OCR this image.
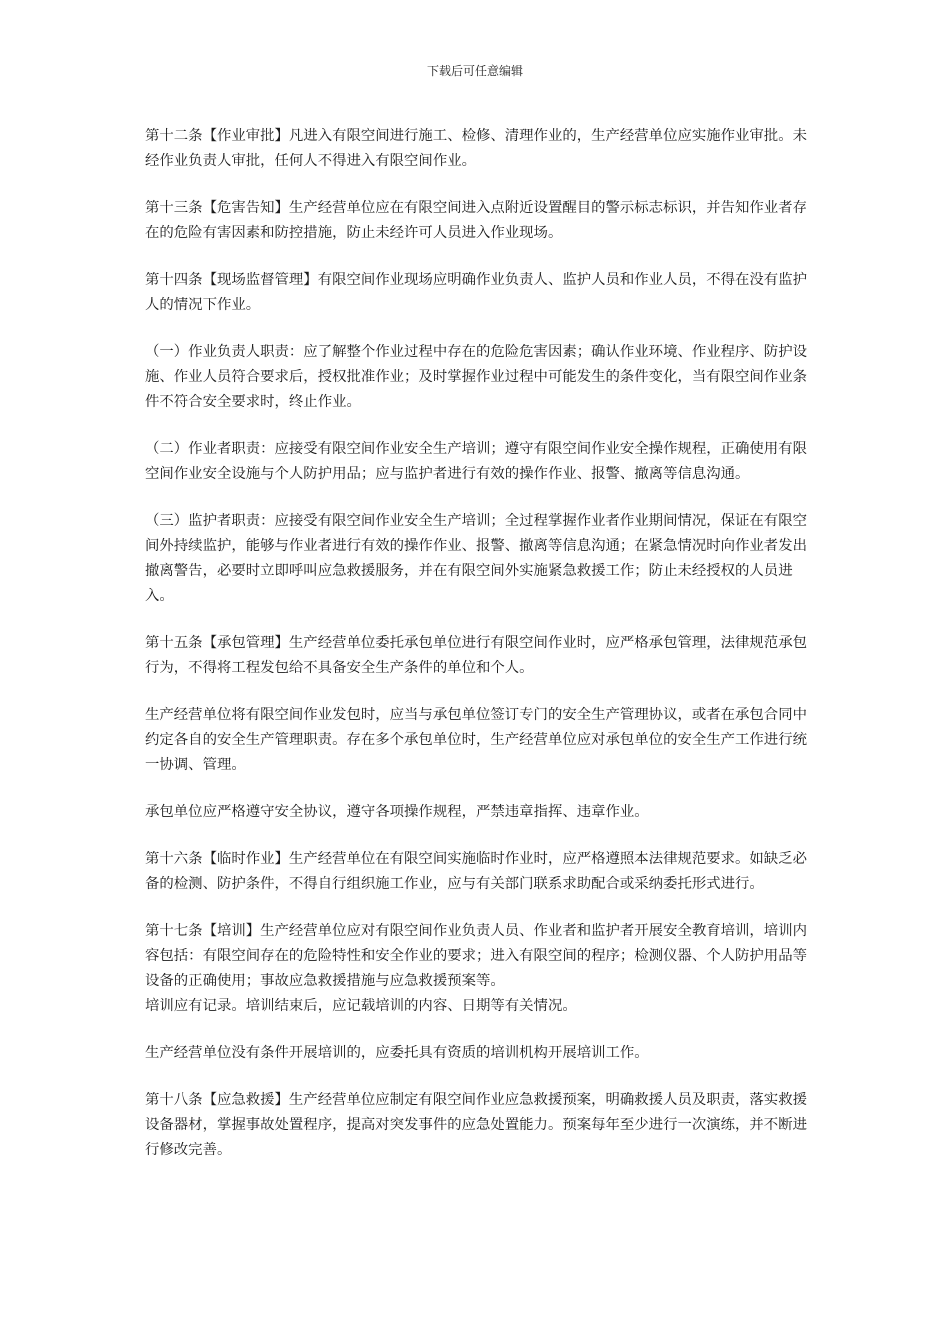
下载后可任意编辑

第十二条【作业审批】凡进入有限空间进行施工、检修、清理作业的，生产经营单位应实施作业审批。未经作业负责人审批，任何人不得进入有限空间作业。

第十三条【危害告知】生产经营单位应在有限空间进入点附近设置醒目的警示标志标识，并告知作业者存在的危险有害因素和防控措施，防止未经许可人员进入作业现场。

第十四条【现场监督管理】有限空间作业现场应明确作业负责人、监护人员和作业人员，不得在没有监护人的情况下作业。

（一）作业负责人职责：应了解整个作业过程中存在的危险危害因素；确认作业环境、作业程序、防护设施、作业人员符合要求后，授权批准作业；及时掌握作业过程中可能发生的条件变化，当有限空间作业条件不符合安全要求时，终止作业。

（二）作业者职责：应接受有限空间作业安全生产培训；遵守有限空间作业安全操作规程，正确使用有限空间作业安全设施与个人防护用品；应与监护者进行有效的操作作业、报警、撤离等信息沟通。

（三）监护者职责：应接受有限空间作业安全生产培训；全过程掌握作业者作业期间情况，保证在有限空间外持续监护，能够与作业者进行有效的操作作业、报警、撤离等信息沟通；在紧急情况时向作业者发出撤离警告，必要时立即呼叫应急救援服务，并在有限空间外实施紧急救援工作；防止未经授权的人员进入。

第十五条【承包管理】生产经营单位委托承包单位进行有限空间作业时，应严格承包管理，法律规范承包行为，不得将工程发包给不具备安全生产条件的单位和个人。

生产经营单位将有限空间作业发包时，应当与承包单位签订专门的安全生产管理协议，或者在承包合同中约定各自的安全生产管理职责。存在多个承包单位时，生产经营单位应对承包单位的安全生产工作进行统一协调、管理。

承包单位应严格遵守安全协议，遵守各项操作规程，严禁违章指挥、违章作业。

第十六条【临时作业】生产经营单位在有限空间实施临时作业时，应严格遵照本法律规范要求。如缺乏必备的检测、防护条件，不得自行组织施工作业，应与有关部门联系求助配合或采纳委托形式进行。

第十七条【培训】生产经营单位应对有限空间作业负责人员、作业者和监护者开展安全教育培训，培训内容包括：有限空间存在的危险特性和安全作业的要求；进入有限空间的程序；检测仪器、个人防护用品等设备的正确使用；事故应急救援措施与应急救援预案等。

培训应有记录。培训结束后，应记载培训的内容、日期等有关情况。

生产经营单位没有条件开展培训的，应委托具有资质的培训机构开展培训工作。

第十八条【应急救援】生产经营单位应制定有限空间作业应急救援预案，明确救援人员及职责，落实救援设备器材，掌握事故处置程序，提高对突发事件的应急处置能力。预案每年至少进行一次演练，并不断进行修改完善。
